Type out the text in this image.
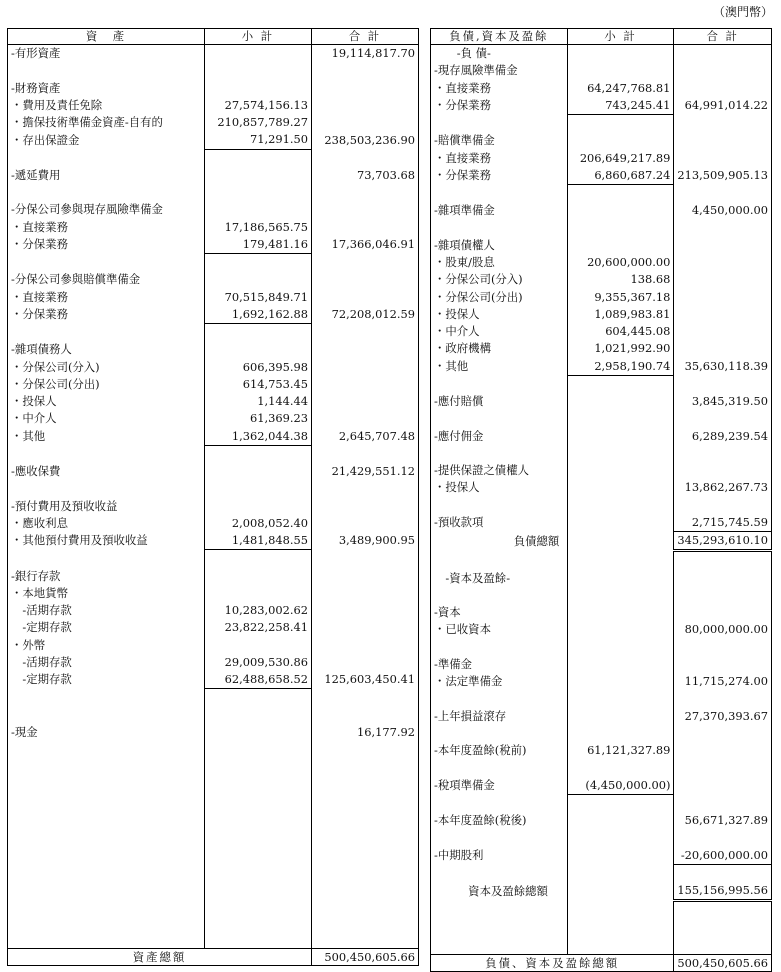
（澳門幣）
資　產	小 計	合 計
-有形資產		19,114,817.70

-財務資產		
・費用及責任免除	27,574,156.13	
・擔保技術準備金資產-自有的	210,857,789.27	
・存出保證金	71,291.50	238,503,236.90

-遞延費用		73,703.68

-分保公司參與現存風險準備金		
・直接業務	17,186,565.75	
・分保業務	179,481.16	17,366,046.91

-分保公司參與賠償準備金		
・直接業務	70,515,849.71	
・分保業務	1,692,162.88	72,208,012.59

-雜項債務人		
・分保公司(分入)	606,395.98	
・分保公司(分出)	614,753.45	
・投保人	1,144.44	
・中介人	61,369.23	
・其他	1,362,044.38	2,645,707.48

-應收保費		21,429,551.12

-預付費用及預收收益		
・應收利息	2,008,052.40	
・其他預付費用及預收收益	1,481,848.55	3,489,900.95

-銀行存款		
・本地貨幣		
　-活期存款	10,283,002.62	
　-定期存款	23,822,258.41	
・外幣		
　-活期存款	29,009,530.86	
　-定期存款	62,488,658.52	125,603,450.41

-現金		16,177.92

資產總額		500,450,605.66
負債,資本及盈餘	小 計	合 計
　　-負 債-		
-現存風險準備金		
・直接業務	64,247,768.81	
・分保業務	743,245.41	64,991,014.22

-賠償準備金		
・直接業務	206,649,217.89	
・分保業務	6,860,687.24	213,509,905.13

-雜項準備金		4,450,000.00

-雜項債權人		
・股東/股息	20,600,000.00	
・分保公司(分入)	138.68	
・分保公司(分出)	9,355,367.18	
・投保人	1,089,983.81	
・中介人	604,445.08	
・政府機構	1,021,992.90	
・其他	2,958,190.74	35,630,118.39

-應付賠償		3,845,319.50

-應付佣金		6,289,239.54

-提供保證之債權人		
・投保人		13,862,267.73

-預收款項		2,715,745.59
　　　　　　　負債總額		345,293,610.10

　-資本及盈餘-		

-資本		
・已收資本		80,000,000.00

-準備金		
・法定準備金		11,715,274.00

-上年損益滾存		27,370,393.67

-本年度盈餘(稅前)	61,121,327.89	

-稅項準備金	(4,450,000.00)	

-本年度盈餘(稅後)		56,671,327.89

-中期股利		-20,600,000.00

　　　資本及盈餘總額		155,156,995.56

負債、資本及盈餘總額		500,450,605.66
